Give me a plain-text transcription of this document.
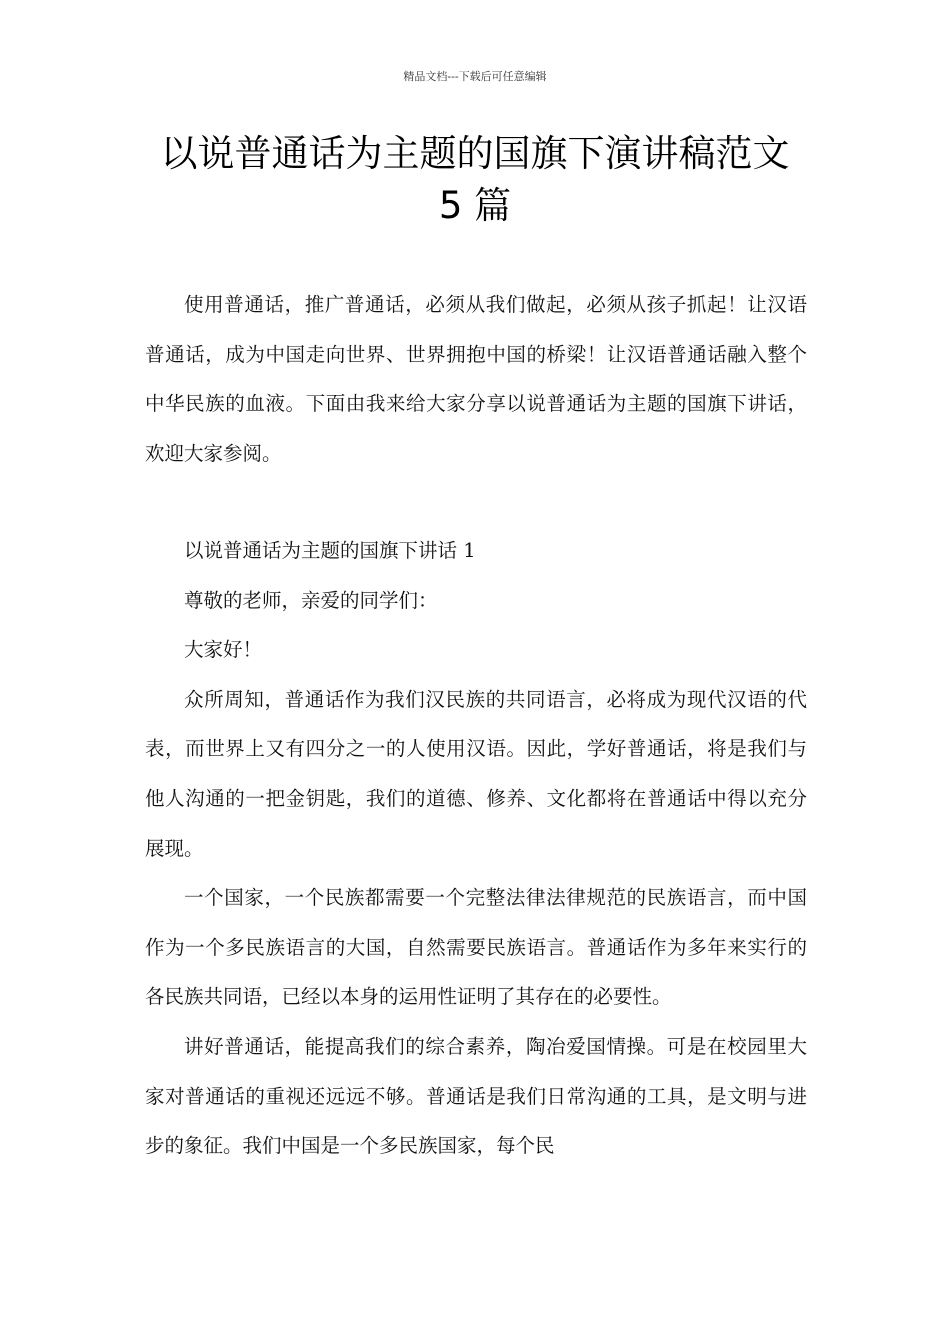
精品文档---下载后可任意编辑
以说普通话为主题的国旗下演讲稿范文
5 篇

使用普通话，推广普通话，必须从我们做起，必须从孩子抓起！让汉语普通话，成为中国走向世界、世界拥抱中国的桥梁！让汉语普通话融入整个中华民族的血液。下面由我来给大家分享以说普通话为主题的国旗下讲话，欢迎大家参阅。

以说普通话为主题的国旗下讲话 1

尊敬的老师，亲爱的同学们：

大家好！

众所周知，普通话作为我们汉民族的共同语言，必将成为现代汉语的代表，而世界上又有四分之一的人使用汉语。因此，学好普通话，将是我们与他人沟通的一把金钥匙，我们的道德、修养、文化都将在普通话中得以充分展现。

一个国家，一个民族都需要一个完整法律法律规范的民族语言，而中国作为一个多民族语言的大国，自然需要民族语言。普通话作为多年来实行的各民族共同语，已经以本身的运用性证明了其存在的必要性。

讲好普通话，能提高我们的综合素养，陶冶爱国情操。可是在校园里大家对普通话的重视还远远不够。普通话是我们日常沟通的工具，是文明与进步的象征。我们中国是一个多民族国家，每个民
